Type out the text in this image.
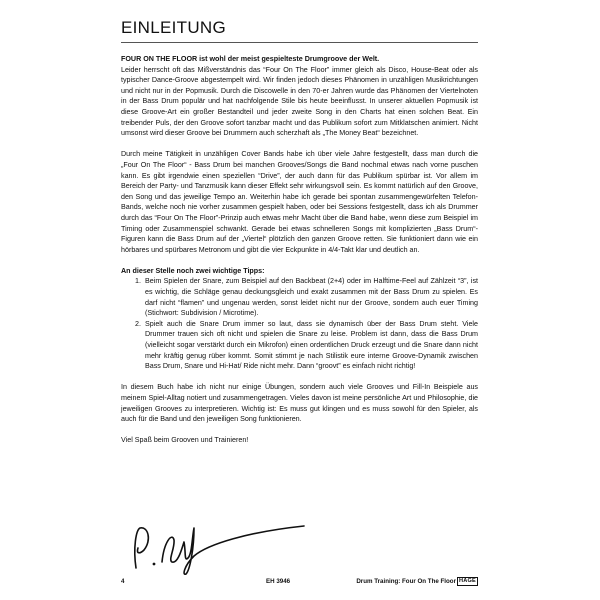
EINLEITUNG

FOUR ON THE FLOOR ist wohl der meist gespielteste Drumgroove der Welt.
Leider herrscht oft das Mißverständnis das “Four On The Floor” immer gleich als Disco, House-Beat oder als typischer Dance-Groove abgestempelt wird. Wir finden jedoch dieses Phänomen in unzähligen Musikrichtungen und nicht nur in der Popmusik. Durch die Discowelle in den 70-er Jahren wurde das Phänomen der Viertelnoten in der Bass Drum populär und hat nachfolgende Stile bis heute beeinflusst. In unserer aktuellen Popmusik ist diese Groove-Art ein großer Bestandteil und jeder zweite Song in den Charts hat einen solchen Beat. Ein treibender Puls, der den Groove sofort tanzbar macht und das Publikum sofort zum Mitklatschen animiert. Nicht umsonst wird dieser Groove bei Drummern auch scherzhaft als „The Money Beat“ bezeichnet.

Durch meine Tätigkeit in unzähligen Cover Bands habe ich über viele Jahre festgestellt, dass man durch die „Four On The Floor“ - Bass Drum bei manchen Grooves/Songs die Band nochmal etwas nach vorne puschen kann. Es gibt irgendwie einen speziellen “Drive”, der auch dann für das Publikum spürbar ist. Vor allem im Bereich der Party- und Tanzmusik kann dieser Effekt sehr wirkungsvoll sein. Es kommt natürlich auf den Groove, den Song und das jeweilige Tempo an. Weiterhin habe ich gerade bei spontan zusammengewürfelten Telefon-Bands, welche noch nie vorher zusammen gespielt haben, oder bei Sessions festgestellt, dass ich als Drummer durch das “Four On The Floor”-Prinzip auch etwas mehr Macht über die Band habe, wenn diese zum Beispiel im Timing oder Zusammenspiel schwankt. Gerade bei etwas schnelleren Songs mit komplizierten „Bass Drum“-Figuren kann die Bass Drum auf der „Viertel“ plötzlich den ganzen Groove retten. Sie funktioniert dann wie ein hörbares und spürbares Metronom und gibt die vier Eckpunkte in 4/4-Takt klar und deutlich an.

An dieser Stelle noch zwei wichtige Tipps:

1. Beim Spielen der Snare, zum Beispiel auf den Backbeat (2+4) oder im Halftime-Feel auf Zählzeit “3”, ist es wichtig, die Schläge genau deckungsgleich und exakt zusammen mit der Bass Drum zu spielen. Es darf nicht “flamen” und ungenau werden, sonst leidet nicht nur der Groove, sondern auch euer Timing (Stichwort: Subdivision / Microtime).
2. Spielt auch die Snare Drum immer so laut, dass sie dynamisch über der Bass Drum steht. Viele Drummer trauen sich oft nicht und spielen die Snare zu leise. Problem ist dann, dass die Bass Drum (vielleicht sogar verstärkt durch ein Mikrofon) einen ordentlichen Druck erzeugt und die Snare dann nicht mehr kräftig genug rüber kommt. Somit stimmt je nach Stilistik eure interne Groove-Dynamik zwischen Bass Drum, Snare und Hi-Hat/ Ride nicht mehr. Dann “groovt” es einfach nicht richtig!

In diesem Buch habe ich nicht nur einige Übungen, sondern auch viele Grooves und Fill-In Beispiele aus meinem Spiel-Alltag notiert und zusammengetragen. Vieles davon ist meine persönliche Art und Philosophie, die jeweiligen Grooves zu interpretieren. Wichtig ist: Es muss gut klingen und es muss sowohl für den Spieler, als auch für die Band und den jeweiligen Song funktionieren.

Viel Spaß beim Grooven und Trainieren!

4	EH 3946	Drum Training: Four On The Floor HAGE
